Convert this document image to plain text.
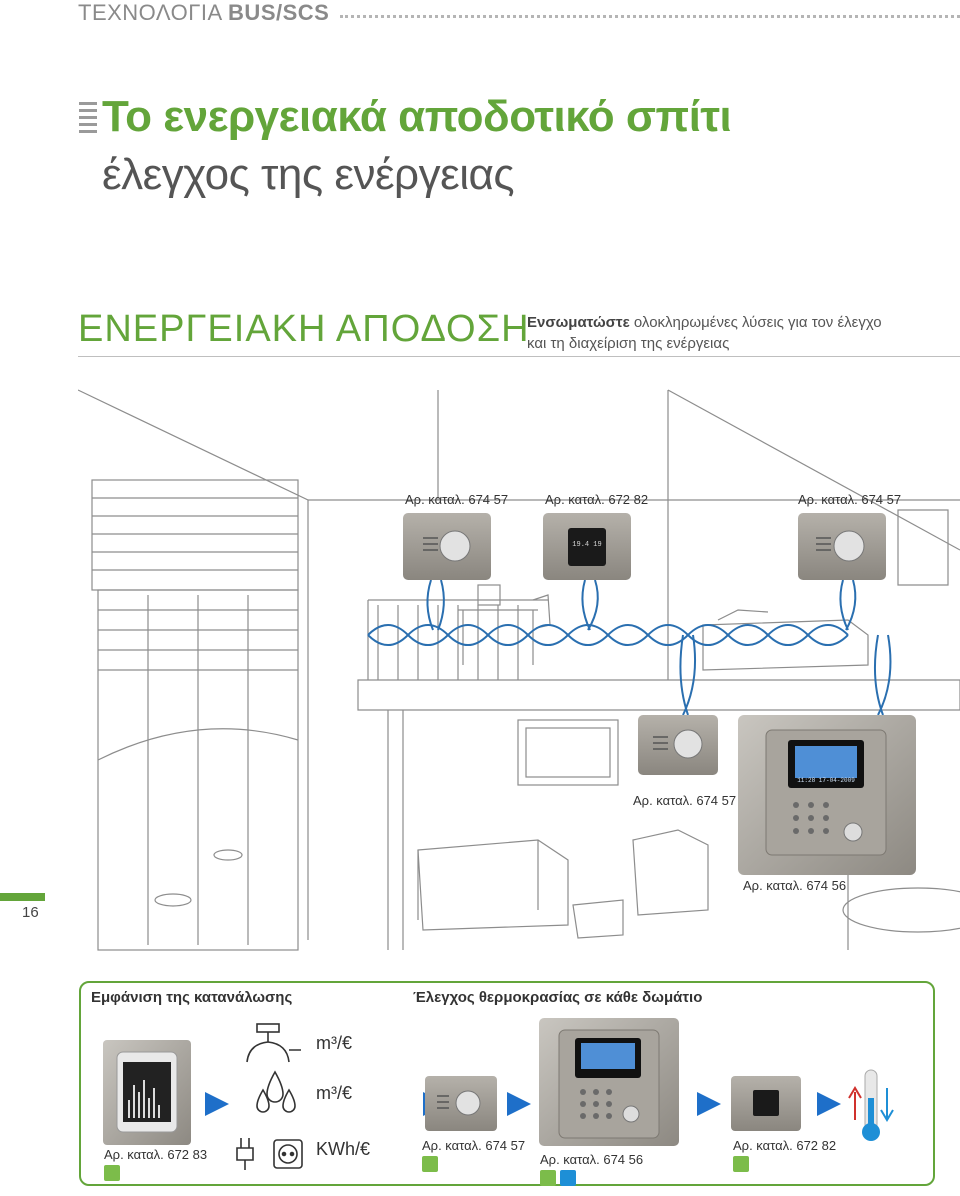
ΤΕΧΝΟΛΟΓΙΑ BUS/SCS
Το ενεργειακά αποδοτικό σπίτι
έλεγχος της ενέργειας
ΕΝΕΡΓΕΙΑΚΗ ΑΠΟΔΟΣΗ
Ενσωματώστε ολοκληρωμένες λύσεις για τον έλεγχο
και τη διαχείριση της ενέργειας
19.4 19
11:28 17-04-2009
Αρ. καταλ. 674 57	Αρ. καταλ. 672 82	Αρ. καταλ. 674 57
Αρ. καταλ. 674 57
Αρ. καταλ. 674 56
16
Εμφάνιση της κατανάλωσης	Έλεγχος θερμοκρασίας σε κάθε δωμάτιο
m³/€
m³/€
KWh/€
Αρ. καταλ. 672 83
Αρ. καταλ. 674 57
Αρ. καταλ. 674 56
Αρ. καταλ. 672 82
